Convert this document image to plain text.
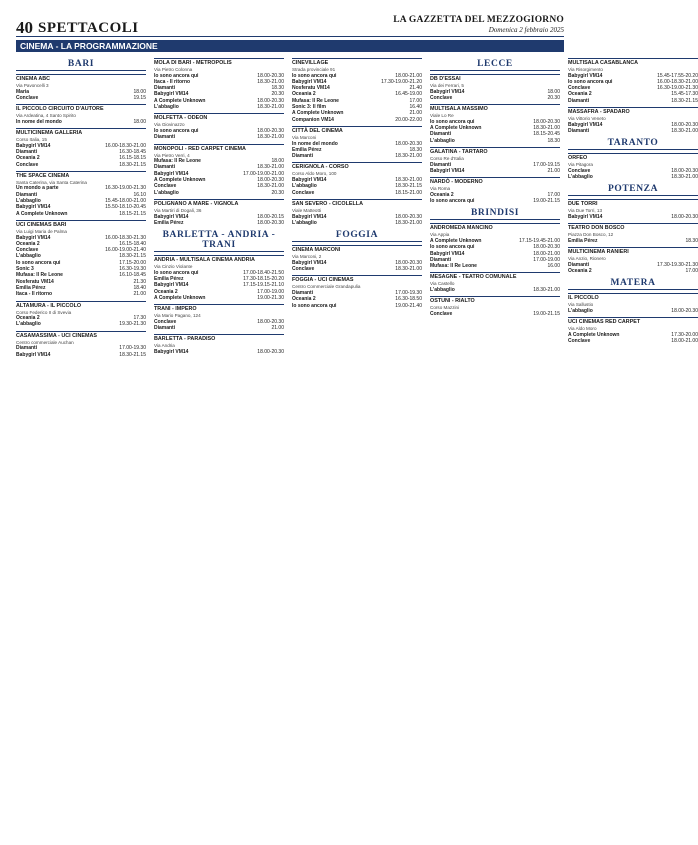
40 SPETTACOLI	LA GAZZETTA DEL MEZZOGIORNO
Domenica 2 febbraio 2025
CINEMA - LA PROGRAMMAZIONE
BARI
CINEMA ABC
Via Pavoncelli 3
Maria	18.00
Conclave	19.15
IL PICCOLO CIRCUITO D'AUTORE
Via Ardeatina, 4 Santo Spirito
In nome del mondo	18.00
MULTICINEMA GALLERIA
Corso Italia, 15
Babygirl VM14	16.00-18.30-21.00
Diamanti	16.30-18.45
Oceania 2	16.15-18.15
Conclave	18.30-21.15
THE SPACE CINEMA
Santa Caterina, via Santa Caterina
Un mondo a parte	16.30-19.00-21.30
Diamanti	16.10
L'abbaglio	15.45-18.00-21.00
Babygirl VM14	15.50-18.10-20.45
A Complete Unknown	18.15-21.15
UCI CINEMAS BARI
Via Luigi Maria de Palma
Babygirl VM14	16.00-18.30-21.30
Oceania 2	16.15-18.40
Conclave	16.00-19.00-21.40
L'abbaglio	18.30-21.15
Io sono ancora qui	17.15-20.00
Sonic 3	16.30-19.30
Mufasa: Il Re Leone	16.10-18.45
Nosferatu VM14	21.30
Emilia Pérez	18.40
Itaca - Il ritorno	21.00
ALTAMURA - IL PICCOLO
Corso Federico II di Svevia
Oceania 2	17.30
L'abbaglio	19.30-21.30
CASAMASSIMA - UCI CINEMAS
Centro commerciale Auchan
Diamanti	17.00-19.30
Babygirl VM14	18.30-21.15
MOLA DI BARI - METROPOLIS
Via Pietro Colonna
Io sono ancora qui	18.00-20.30
Itaca - Il ritorno	18.30-21.00
Diamanti	18.30
Babygirl VM14	20.30
A Complete Unknown	18.00-20.30
L'abbaglio	18.30-21.00
MOLFETTA - ODEON
Via Giovinazzo
Io sono ancora qui	18.00-20.30
Diamanti	18.30-21.00
MONOPOLI - RED CARPET CINEMA
Via Pietro Verri, 4
Mufasa: Il Re Leone	18.00
Diamanti	18.30-21.00
Babygirl VM14	17.00-19.00-21.00
A Complete Unknown	18.00-20.30
Conclave	18.30-21.00
L'abbaglio	20.30
POLIGNANO A MARE - VIGNOLA
Via Martiri di Dogali, 36
Babygirl VM14	18.00-20.15
Emilia Pérez	18.00-20.30
BARLETTA - ANDRIA - TRANI
ANDRIA - MULTISALA CINEMA ANDRIA
Via Cinzio Violante
Io sono ancora qui	17.00-18.40-21.50
Emilia Pérez	17.30-18.15-20.20
Babygirl VM14	17.15-19.15-21.10
Oceania 2	17.00-19.00
A Complete Unknown	19.00-21.30
TRANI - IMPERO
Via Mario Pagano, 124
Conclave	18.00-20.30
Diamanti	21.00
BARLETTA - PARADISO
Via Andria
Babygirl VM14	18.00-20.30
CINEVILLAGE
Strada provinciale 91
Io sono ancora qui	18.00-21.00
Babygirl VM14	17.30-19.00-21.20
Nosferatu VM14	21.40
Oceania 2	16.45-19.00
Mufasa: Il Re Leone	17.00
Sonic 3: Il film	16.40
A Complete Unknown	21.00
Companion VM14	20.00-22.00
CITTÀ DEL CINEMA
Via Marconi
In nome del mondo	18.00-20.30
Emilia Pérez	18.30
Diamanti	18.30-21.00
CERIGNOLA - CORSO
Corso Aldo Moro, 100
Babygirl VM14	18.30-21.00
L'abbaglio	18.30-21.15
Conclave	18.15-21.00
SAN SEVERO - CICOLELLA
Viale Matteotti
Babygirl VM14	18.00-20.30
L'abbaglio	18.30-21.00
FOGGIA
CINEMA MARCONI
Via Marconi, 2
Babygirl VM14	18.00-20.30
Conclave	18.30-21.00
FOGGIA - UCI CINEMAS
Centro Commerciale Grandapulia
Diamanti	17.00-19.30
Oceania 2	16.30-18.50
Io sono ancora qui	19.00-21.40
LECCE
DB D'ESSAI
Via dei Ferrari, 5
Babygirl VM14	18.00
Conclave	20.30
MULTISALA MASSIMO
Viale Lo Re
Io sono ancora qui	18.00-20.30
A Complete Unknown	18.30-21.00
Diamanti	18.15-20.45
L'abbaglio	18.30
GALATINA - TARTARO
Corso Re d'Italia
Diamanti	17.00-19.15
Babygirl VM14	21.00
NARDÒ - MODERNO
Via Roma
Oceania 2	17.00
Io sono ancora qui	19.00-21.15
BRINDISI
ANDROMEDA MANCINO
Via Appia
A Complete Unknown	17.15-19.45-21.00
Io sono ancora qui	18.00-20.30
Babygirl VM14	18.00-21.00
Diamanti	17.00-19.00
Mufasa: Il Re Leone	16.00
MESAGNE - TEATRO COMUNALE
Via Castello
L'abbaglio	18.30-21.00
OSTUNI - RIALTO
Corso Mazzini
Conclave	19.00-21.15
MULTISALA CASABLANCA
Via Risorgimento
Babygirl VM14	15.45-17.55-20.20
Io sono ancora qui	16.00-18.30-21.00
Conclave	16.30-19.00-21.30
Oceania 2	15.45-17.30
Diamanti	18.30-21.15
MASSAFRA - SPADARO
Via Vittorio Veneto
Babygirl VM14	18.00-20.30
Diamanti	18.30-21.00
TARANTO
ORFEO
Via Pitagora
Conclave	18.00-20.30
L'abbaglio	18.30-21.00
POTENZA
DUE TORRI
Via Due Torri, 13
Babygirl VM14	18.00-20.30
TEATRO DON BOSCO
Piazza Don Bosco, 12
Emilia Pérez	18.30
MULTICINEMA RANIERI
Via Anzio, Rionero
Diamanti	17.30-19.30-21.30
Oceania 2	17.00
MATERA
IL PICCOLO
Via Sallustio
L'abbaglio	18.00-20.30
UCI CINEMAS RED CARPET
Via Aldo Moro
A Complete Unknown	17.30-20.00
Conclave	18.00-21.00
